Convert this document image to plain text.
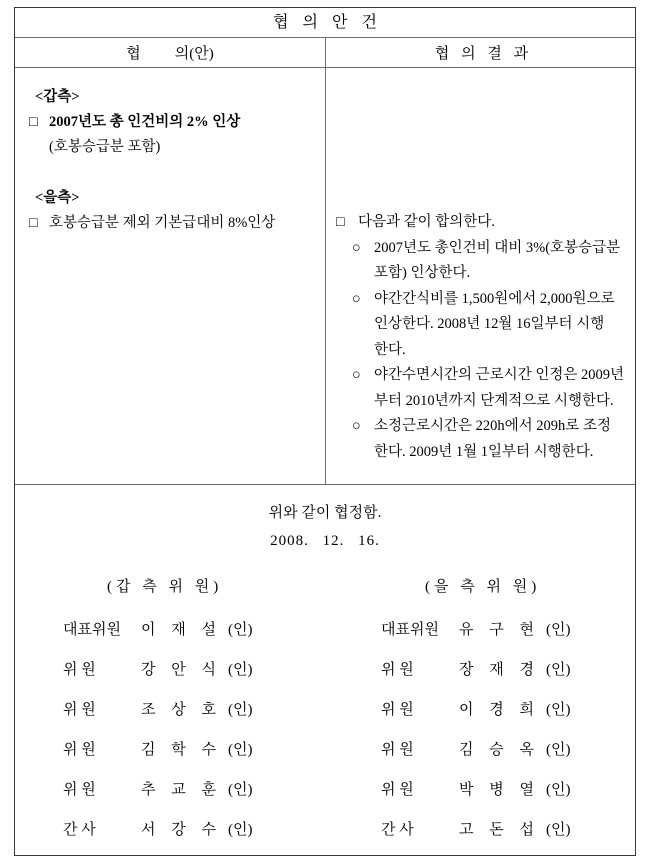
협 의 안 건
협 의(안)	협 의 결 과
<갑측>
□ 2007년도 총 인건비의 2% 인상
(호봉승급분 포함)
<을측>
□ 호봉승급분 제외 기본급대비 8%인상	□ 다음과 같이 합의한다.
○ 2007년도 총인건비 대비 3%(호봉승급분
포함) 인상한다.
○ 야간간식비를 1,500원에서 2,000원으로
인상한다. 2008년 12월 16일부터 시행
한다.
○ 야간수면시간의 근로시간 인정은 2009년
부터 2010년까지 단계적으로 시행한다.
○ 소정근로시간은 220h에서 209h로 조정
한다. 2009년 1월 1일부터 시행한다.
위와 같이 협정함.
2008. 12. 16.
(갑 측 위 원)
대표위원 이 재 설 (인)
위 원	강 안 식 (인)
위 원	조 상 호 (인)
위 원	김 학 수 (인)
위 원	추 교 훈 (인)
간 사	서 강 수 (인)
(을 측 위 원)
대표위원 유 구 현 (인)
위 원	장 재 경 (인)
위 원	이 경 희 (인)
위 원	김 승 옥 (인)
위 원	박 병 열 (인)
간 사	고 돈 섭 (인)
